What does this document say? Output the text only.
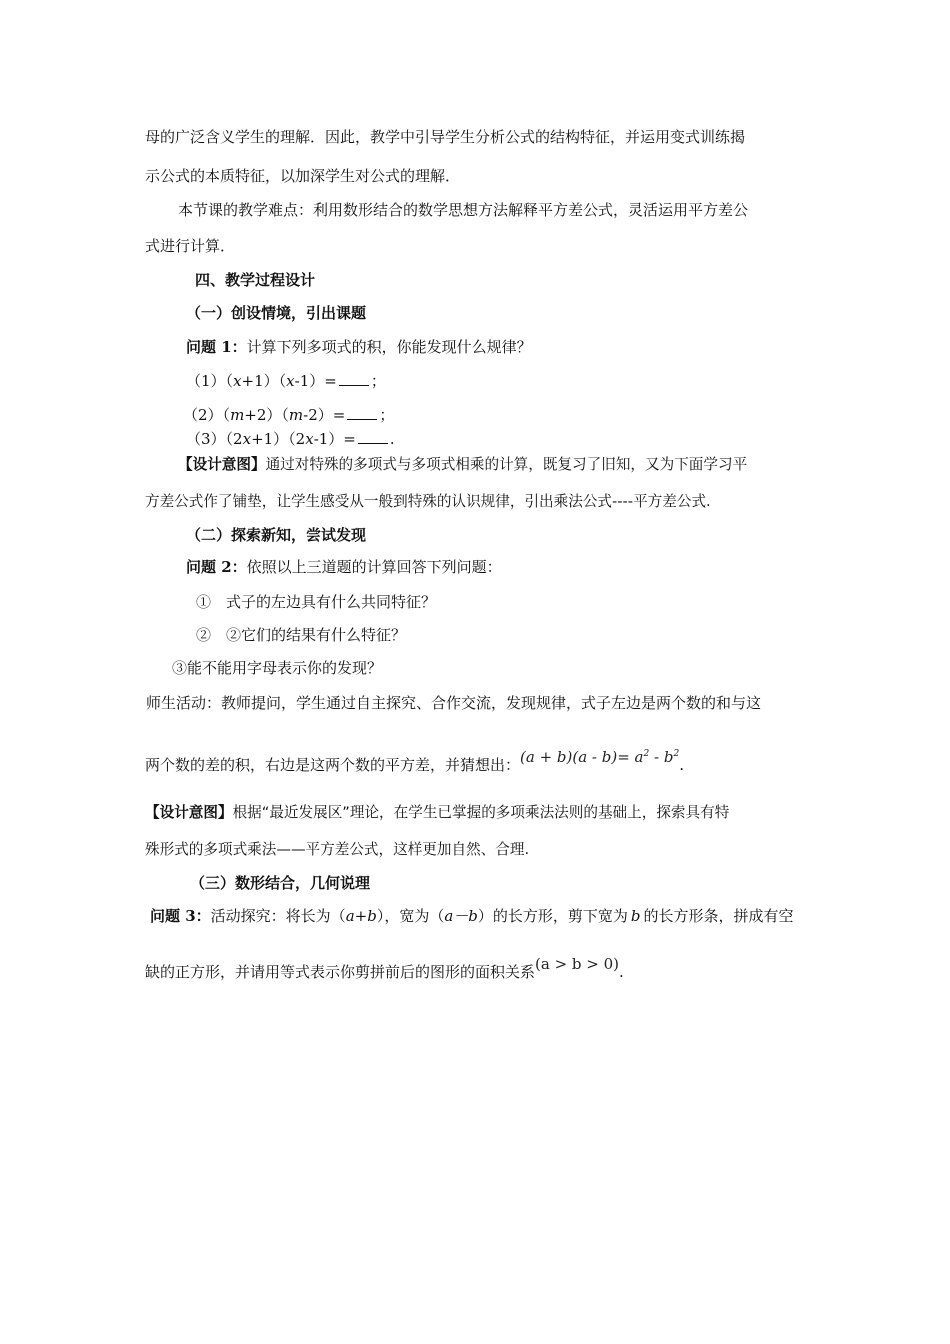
母的广泛含义学生的理解．因此，教学中引导学生分析公式的结构特征，并运用变式训练揭
示公式的本质特征，以加深学生对公式的理解．
本节课的教学难点：利用数形结合的数学思想方法解释平方差公式，灵活运用平方差公
式进行计算．
四、教学过程设计
（一）创设情境，引出课题
问题 1：计算下列多项式的积，你能发现什么规律？
（1）（x+1）（x-1）= ；
（2）（m+2）（m-2）= ；
（3）（2x+1）（2x-1）= .
【设计意图】通过对特殊的多项式与多项式相乘的计算，既复习了旧知，又为下面学习平
方差公式作了铺垫，让学生感受从一般到特殊的认识规律，引出乘法公式----平方差公式.
（二）探索新知，尝试发现
问题 2：依照以上三道题的计算回答下列问题：
①　式子的左边具有什么共同特征？
②　②它们的结果有什么特征？
③能不能用字母表示你的发现？
师生活动：教师提问，学生通过自主探究、合作交流，发现规律，式子左边是两个数的和与这
两个数的差的积，右边是这两个数的平方差，并猜想出：$(a + b)(a - b)= a^2 - b^2$.
【设计意图】根据“最近发展区”理论，在学生已掌握的多项乘法法则的基础上，探索具有特
殊形式的多项式乘法——平方差公式，这样更加自然、合理.
（三）数形结合，几何说理
问题 3：活动探究：将长为（a+b），宽为（a－b）的长方形，剪下宽为 b 的长方形条，拼成有空
缺的正方形，并请用等式表示你剪拼前后的图形的面积关系(a > b > 0).
